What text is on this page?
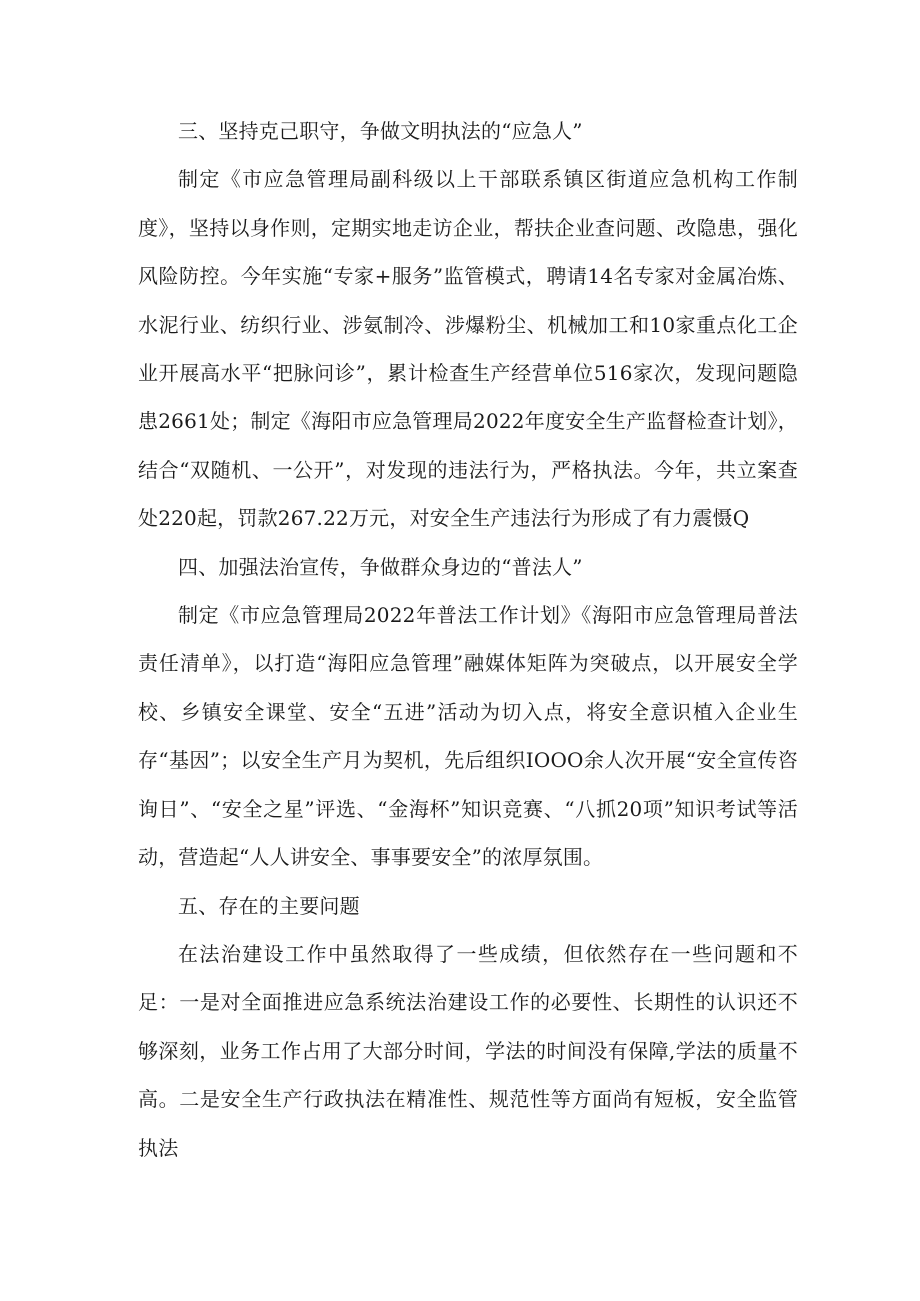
三、坚持克己职守，争做文明执法的“应急人”

制定《市应急管理局副科级以上干部联系镇区街道应急机构工作制度》，坚持以身作则，定期实地走访企业，帮扶企业查问题、改隐患，强化风险防控。今年实施“专家+服务”监管模式，聘请14名专家对金属冶炼、水泥行业、纺织行业、涉氨制冷、涉爆粉尘、机械加工和10家重点化工企业开展高水平“把脉问诊”，累计检查生产经营单位516家次，发现问题隐患2661处；制定《海阳市应急管理局2022年度安全生产监督检查计划》，结合“双随机、一公开”，对发现的违法行为，严格执法。今年，共立案查处220起，罚款267.22万元，对安全生产违法行为形成了有力震慑Q

四、加强法治宣传，争做群众身边的“普法人”

制定《市应急管理局2022年普法工作计划》《海阳市应急管理局普法责任清单》，以打造“海阳应急管理”融媒体矩阵为突破点，以开展安全学校、乡镇安全课堂、安全“五进”活动为切入点，将安全意识植入企业生存“基因”；以安全生产月为契机，先后组织IOOO余人次开展“安全宣传咨询日”、“安全之星”评选、“金海杯”知识竞赛、“八抓20项”知识考试等活动，营造起“人人讲安全、事事要安全”的浓厚氛围。

五、存在的主要问题

在法治建设工作中虽然取得了一些成绩，但依然存在一些问题和不足：一是对全面推进应急系统法治建设工作的必要性、长期性的认识还不够深刻，业务工作占用了大部分时间，学法的时间没有保障,学法的质量不高。二是安全生产行政执法在精准性、规范性等方面尚有短板，安全监管执法
